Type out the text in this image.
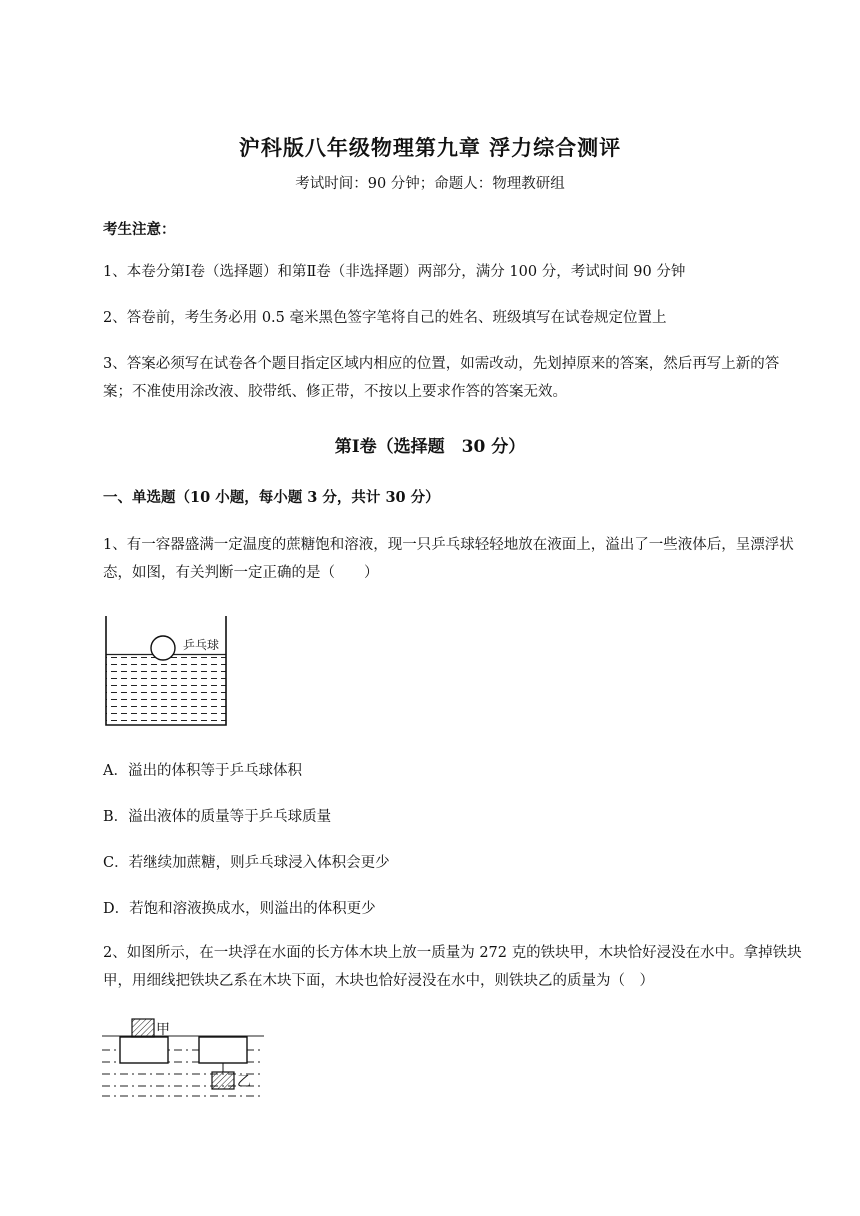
沪科版八年级物理第九章 浮力综合测评
考试时间：90 分钟；命题人：物理教研组
考生注意：
1、本卷分第Ⅰ卷（选择题）和第Ⅱ卷（非选择题）两部分，满分 100 分，考试时间 90 分钟
2、答卷前，考生务必用 0.5 毫米黑色签字笔将自己的姓名、班级填写在试卷规定位置上
3、答案必须写在试卷各个题目指定区域内相应的位置，如需改动，先划掉原来的答案，然后再写上新的答案；不准使用涂改液、胶带纸、修正带，不按以上要求作答的答案无效。
第Ⅰ卷（选择题　30 分）
一、单选题（10 小题，每小题 3 分，共计 30 分）
1、有一容器盛满一定温度的蔗糖饱和溶液，现一只乒乓球轻轻地放在液面上，溢出了一些液体后，呈漂浮状态，如图，有关判断一定正确的是（　　）
乒乓球
A．溢出的体积等于乒乓球体积
B．溢出液体的质量等于乒乓球质量
C．若继续加蔗糖，则乒乓球浸入体积会更少
D．若饱和溶液换成水，则溢出的体积更少
2、如图所示，在一块浮在水面的长方体木块上放一质量为 272 克的铁块甲，木块恰好浸没在水中。拿掉铁块甲，用细线把铁块乙系在木块下面，木块也恰好浸没在水中，则铁块乙的质量为（　）
甲
乙
